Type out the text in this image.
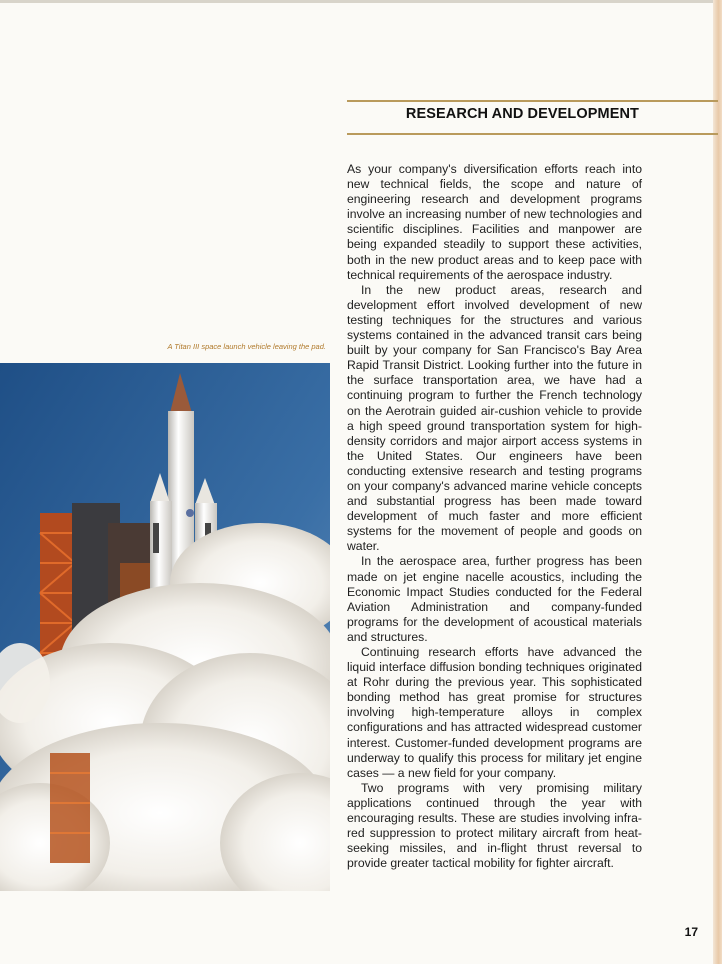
RESEARCH AND DEVELOPMENT
A Titan III space launch vehicle leaving the pad.

As your company's diversification efforts reach into new technical fields, the scope and nature of engineering research and development programs involve an increasing number of new technologies and scientific disciplines. Facilities and manpower are being expanded steadily to support these activities, both in the new product areas and to keep pace with technical requirements of the aerospace industry.

In the new product areas, research and development effort involved development of new testing techniques for the structures and various systems contained in the advanced transit cars being built by your company for San Francisco's Bay Area Rapid Transit District. Looking further into the future in the surface transportation area, we have had a continuing program to further the French technology on the Aerotrain guided air-cushion vehicle to provide a high speed ground transportation system for high-density corridors and major airport access systems in the United States. Our engineers have been conducting extensive research and testing programs on your company's advanced marine vehicle concepts and substantial progress has been made toward development of much faster and more efficient systems for the movement of people and goods on water.

In the aerospace area, further progress has been made on jet engine nacelle acoustics, including the Economic Impact Studies conducted for the Federal Aviation Administration and company-funded programs for the development of acoustical materials and structures.

Continuing research efforts have advanced the liquid interface diffusion bonding techniques originated at Rohr during the previous year. This sophisticated bonding method has great promise for structures involving high-temperature alloys in complex configurations and has attracted widespread customer interest. Customer-funded development programs are underway to qualify this process for military jet engine cases — a new field for your company.

Two programs with very promising military applications continued through the year with encouraging results. These are studies involving infra-red suppression to protect military aircraft from heat-seeking missiles, and in-flight thrust reversal to provide greater tactical mobility for fighter aircraft.

17
